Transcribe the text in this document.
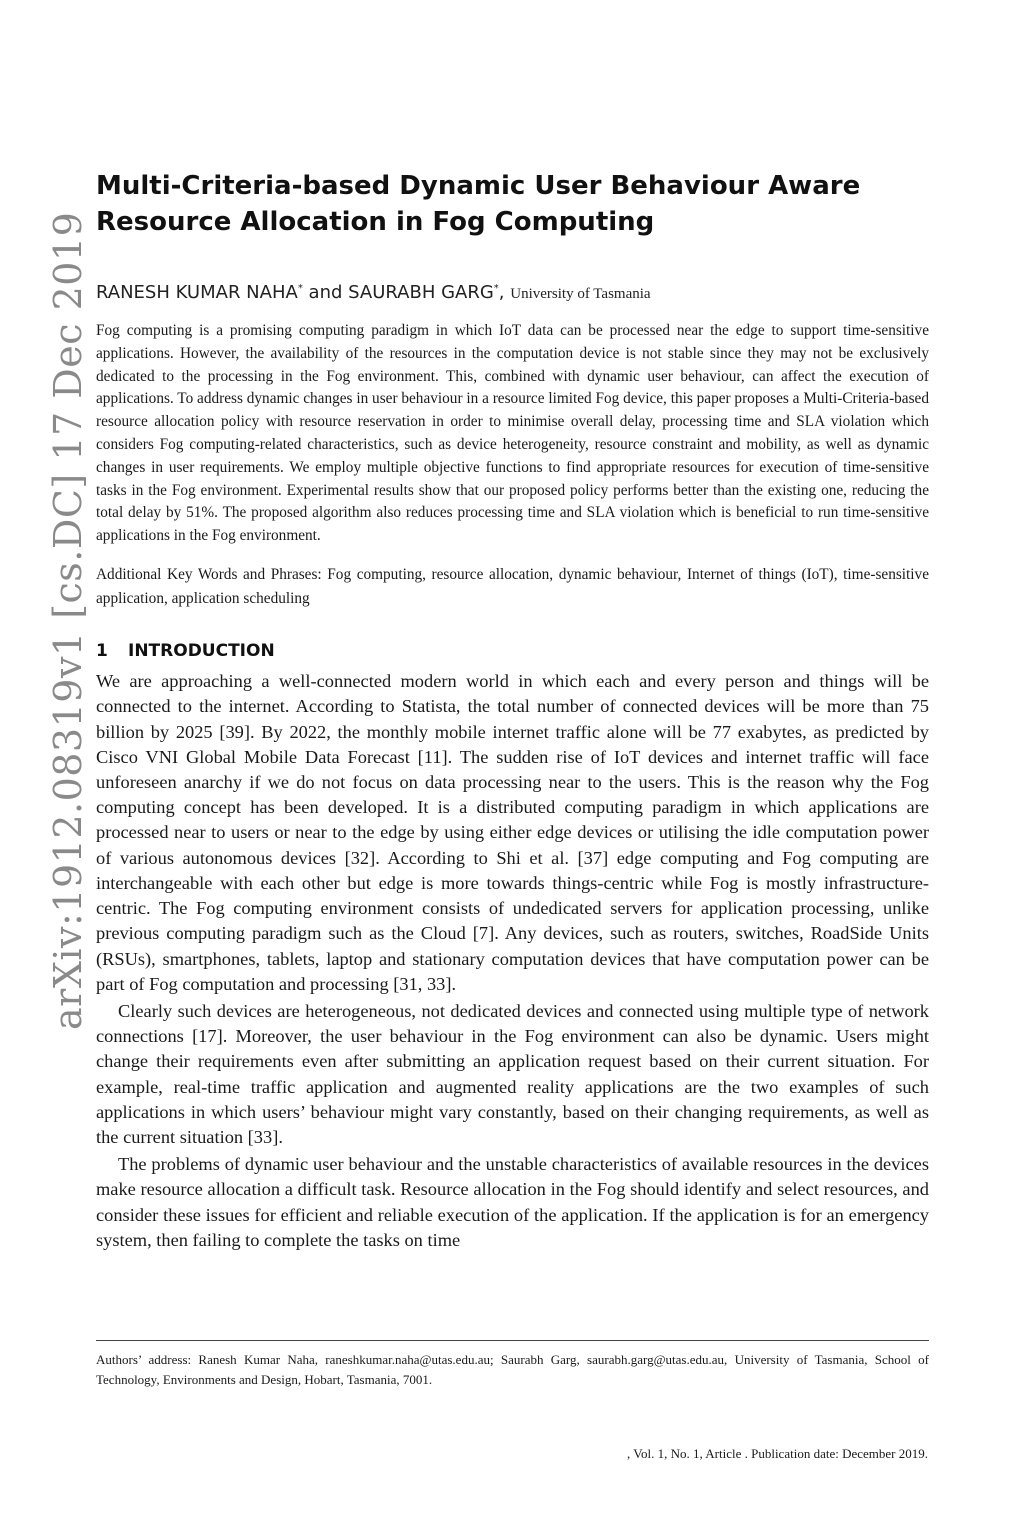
arXiv:1912.08319v1 [cs.DC] 17 Dec 2019
Multi-Criteria-based Dynamic User Behaviour Aware
Resource Allocation in Fog Computing
RANESH KUMAR NAHA* and SAURABH GARG*, University of Tasmania

Fog computing is a promising computing paradigm in which IoT data can be processed near the edge to support time-sensitive applications. However, the availability of the resources in the computation device is not stable since they may not be exclusively dedicated to the processing in the Fog environment. This, combined with dynamic user behaviour, can affect the execution of applications. To address dynamic changes in user behaviour in a resource limited Fog device, this paper proposes a Multi-Criteria-based resource allocation policy with resource reservation in order to minimise overall delay, processing time and SLA violation which considers Fog computing-related characteristics, such as device heterogeneity, resource constraint and mobility, as well as dynamic changes in user requirements. We employ multiple objective functions to find appropriate resources for execution of time-sensitive tasks in the Fog environment. Experimental results show that our proposed policy performs better than the existing one, reducing the total delay by 51%. The proposed algorithm also reduces processing time and SLA violation which is beneficial to run time-sensitive applications in the Fog environment.

Additional Key Words and Phrases: Fog computing, resource allocation, dynamic behaviour, Internet of things (IoT), time-sensitive application, application scheduling

1 INTRODUCTION

We are approaching a well-connected modern world in which each and every person and things will be connected to the internet. According to Statista, the total number of connected devices will be more than 75 billion by 2025 [39]. By 2022, the monthly mobile internet traffic alone will be 77 exabytes, as predicted by Cisco VNI Global Mobile Data Forecast [11]. The sudden rise of IoT devices and internet traffic will face unforeseen anarchy if we do not focus on data processing near to the users. This is the reason why the Fog computing concept has been developed. It is a distributed computing paradigm in which applications are processed near to users or near to the edge by using either edge devices or utilising the idle computation power of various autonomous devices [32]. According to Shi et al. [37] edge computing and Fog computing are interchangeable with each other but edge is more towards things-centric while Fog is mostly infrastructure-centric. The Fog computing environment consists of undedicated servers for application processing, unlike previous computing paradigm such as the Cloud [7]. Any devices, such as routers, switches, RoadSide Units (RSUs), smartphones, tablets, laptop and stationary computation devices that have computation power can be part of Fog computation and processing [31, 33].

Clearly such devices are heterogeneous, not dedicated devices and connected using multiple type of network connections [17]. Moreover, the user behaviour in the Fog environment can also be dynamic. Users might change their requirements even after submitting an application request based on their current situation. For example, real-time traffic application and augmented reality applications are the two examples of such applications in which users’ behaviour might vary constantly, based on their changing requirements, as well as the current situation [33].

The problems of dynamic user behaviour and the unstable characteristics of available resources in the devices make resource allocation a difficult task. Resource allocation in the Fog should identify and select resources, and consider these issues for efficient and reliable execution of the application. If the application is for an emergency system, then failing to complete the tasks on time

Authors’ address: Ranesh Kumar Naha, raneshkumar.naha@utas.edu.au; Saurabh Garg, saurabh.garg@utas.edu.au, University of Tasmania, School of Technology, Environments and Design, Hobart, Tasmania, 7001.
, Vol. 1, No. 1, Article . Publication date: December 2019.
